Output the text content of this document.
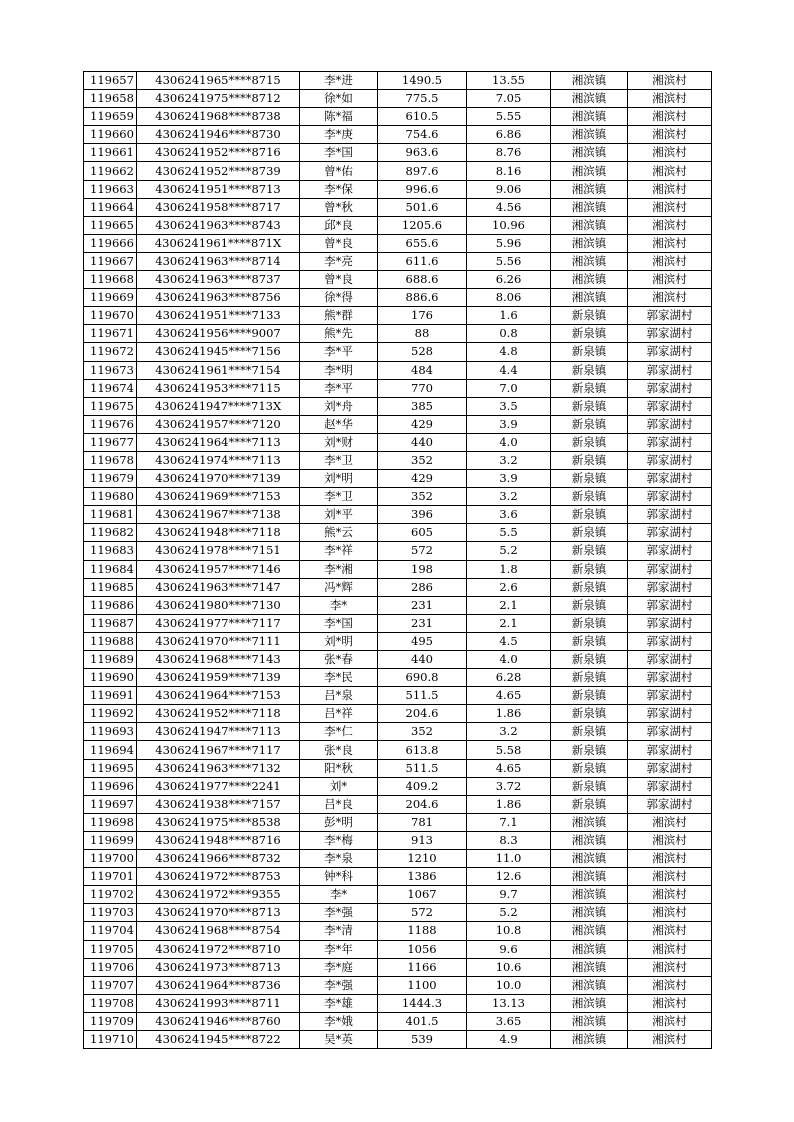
119657	4306241965****8715	李*进	1490.5	13.55	湘滨镇	湘滨村
119658	4306241975****8712	徐*如	775.5	7.05	湘滨镇	湘滨村
119659	4306241968****8738	陈*福	610.5	5.55	湘滨镇	湘滨村
119660	4306241946****8730	李*庚	754.6	6.86	湘滨镇	湘滨村
119661	4306241952****8716	李*国	963.6	8.76	湘滨镇	湘滨村
119662	4306241952****8739	曾*佑	897.6	8.16	湘滨镇	湘滨村
119663	4306241951****8713	李*保	996.6	9.06	湘滨镇	湘滨村
119664	4306241958****8717	曾*秋	501.6	4.56	湘滨镇	湘滨村
119665	4306241963****8743	邱*良	1205.6	10.96	湘滨镇	湘滨村
119666	4306241961****871X	曾*良	655.6	5.96	湘滨镇	湘滨村
119667	4306241963****8714	李*亮	611.6	5.56	湘滨镇	湘滨村
119668	4306241963****8737	曾*良	688.6	6.26	湘滨镇	湘滨村
119669	4306241963****8756	徐*得	886.6	8.06	湘滨镇	湘滨村
119670	4306241951****7133	熊*群	176	1.6	新泉镇	郭家湖村
119671	4306241956****9007	熊*先	88	0.8	新泉镇	郭家湖村
119672	4306241945****7156	李*平	528	4.8	新泉镇	郭家湖村
119673	4306241961****7154	李*明	484	4.4	新泉镇	郭家湖村
119674	4306241953****7115	李*平	770	7.0	新泉镇	郭家湖村
119675	4306241947****713X	刘*舟	385	3.5	新泉镇	郭家湖村
119676	4306241957****7120	赵*华	429	3.9	新泉镇	郭家湖村
119677	4306241964****7113	刘*财	440	4.0	新泉镇	郭家湖村
119678	4306241974****7113	李*卫	352	3.2	新泉镇	郭家湖村
119679	4306241970****7139	刘*明	429	3.9	新泉镇	郭家湖村
119680	4306241969****7153	李*卫	352	3.2	新泉镇	郭家湖村
119681	4306241967****7138	刘*平	396	3.6	新泉镇	郭家湖村
119682	4306241948****7118	熊*云	605	5.5	新泉镇	郭家湖村
119683	4306241978****7151	李*祥	572	5.2	新泉镇	郭家湖村
119684	4306241957****7146	李*湘	198	1.8	新泉镇	郭家湖村
119685	4306241963****7147	冯*辉	286	2.6	新泉镇	郭家湖村
119686	4306241980****7130	李*	231	2.1	新泉镇	郭家湖村
119687	4306241977****7117	李*国	231	2.1	新泉镇	郭家湖村
119688	4306241970****7111	刘*明	495	4.5	新泉镇	郭家湖村
119689	4306241968****7143	张*春	440	4.0	新泉镇	郭家湖村
119690	4306241959****7139	李*民	690.8	6.28	新泉镇	郭家湖村
119691	4306241964****7153	吕*泉	511.5	4.65	新泉镇	郭家湖村
119692	4306241952****7118	吕*祥	204.6	1.86	新泉镇	郭家湖村
119693	4306241947****7113	李*仁	352	3.2	新泉镇	郭家湖村
119694	4306241967****7117	张*良	613.8	5.58	新泉镇	郭家湖村
119695	4306241963****7132	阳*秋	511.5	4.65	新泉镇	郭家湖村
119696	4306241977****2241	刘*	409.2	3.72	新泉镇	郭家湖村
119697	4306241938****7157	吕*良	204.6	1.86	新泉镇	郭家湖村
119698	4306241975****8538	彭*明	781	7.1	湘滨镇	湘滨村
119699	4306241948****8716	李*梅	913	8.3	湘滨镇	湘滨村
119700	4306241966****8732	李*泉	1210	11.0	湘滨镇	湘滨村
119701	4306241972****8753	钟*科	1386	12.6	湘滨镇	湘滨村
119702	4306241972****9355	李*	1067	9.7	湘滨镇	湘滨村
119703	4306241970****8713	李*强	572	5.2	湘滨镇	湘滨村
119704	4306241968****8754	李*清	1188	10.8	湘滨镇	湘滨村
119705	4306241972****8710	李*年	1056	9.6	湘滨镇	湘滨村
119706	4306241973****8713	李*庭	1166	10.6	湘滨镇	湘滨村
119707	4306241964****8736	李*强	1100	10.0	湘滨镇	湘滨村
119708	4306241993****8711	李*雄	1444.3	13.13	湘滨镇	湘滨村
119709	4306241946****8760	李*娥	401.5	3.65	湘滨镇	湘滨村
119710	4306241945****8722	吴*英	539	4.9	湘滨镇	湘滨村
